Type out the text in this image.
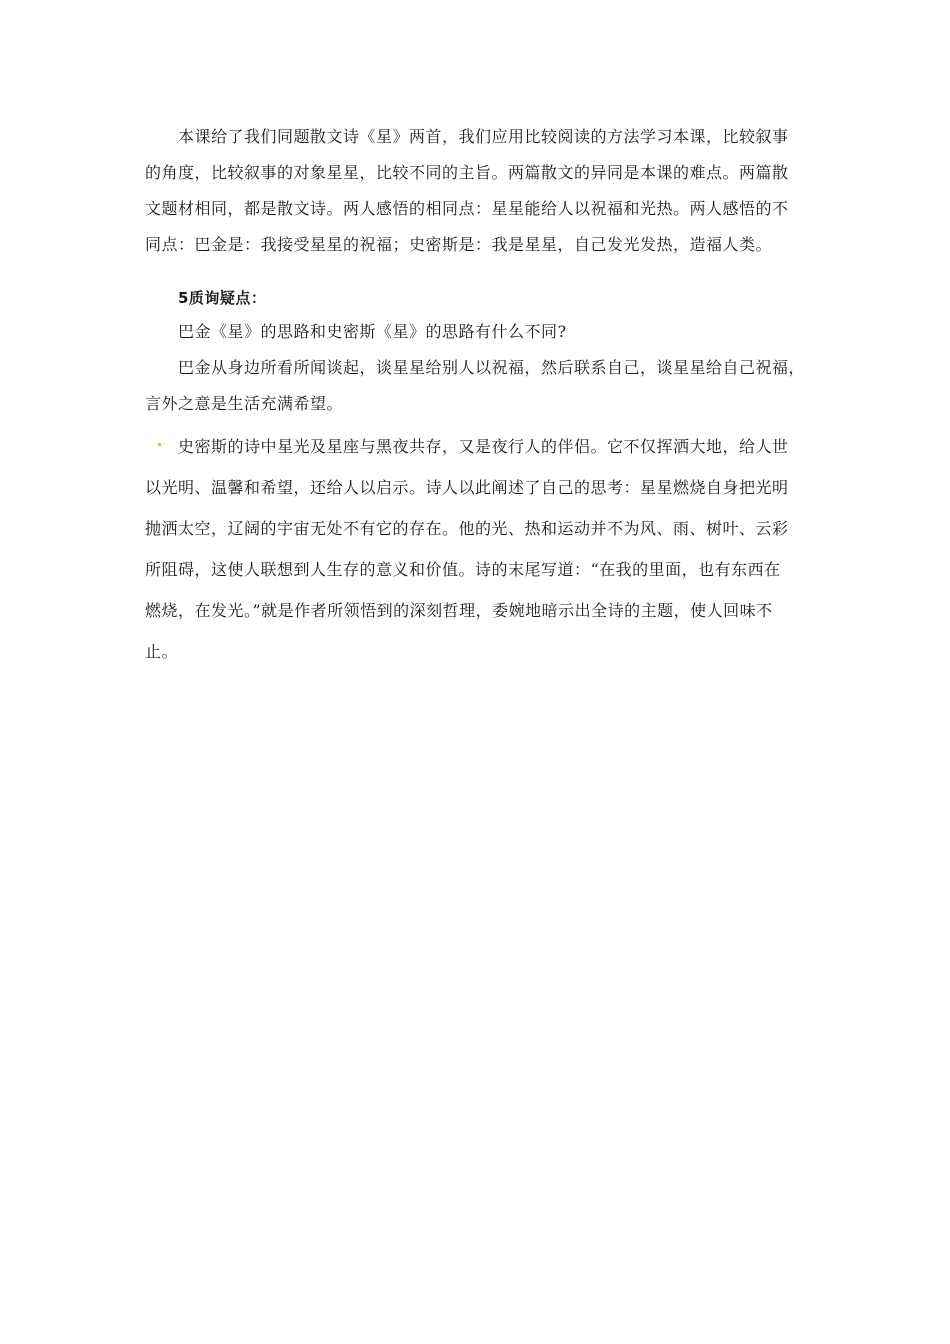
本课给了我们同题散文诗《星》两首，我们应用比较阅读的方法学习本课，比较叙事
的角度，比较叙事的对象星星，比较不同的主旨。两篇散文的异同是本课的难点。两篇散
文题材相同，都是散文诗。两人感悟的相同点：星星能给人以祝福和光热。两人感悟的不
同点：巴金是：我接受星星的祝福；史密斯是：我是星星，自己发光发热，造福人类。
5质询疑点：
巴金《星》的思路和史密斯《星》的思路有什么不同?
巴金从身边所看所闻谈起，谈星星给别人以祝福，然后联系自己，谈星星给自己祝福，
言外之意是生活充满希望。
史密斯的诗中星光及星座与黑夜共存，又是夜行人的伴侣。它不仅挥洒大地，给人世
以光明、温馨和希望，还给人以启示。诗人以此阐述了自己的思考：星星燃烧自身把光明
抛洒太空，辽阔的宇宙无处不有它的存在。他的光、热和运动并不为风、雨、树叶、云彩
所阻碍，这使人联想到人生存的意义和价值。诗的末尾写道：“在我的里面，也有东西在
燃烧，在发光。”就是作者所领悟到的深刻哲理，委婉地暗示出全诗的主题，使人回味不
止。
